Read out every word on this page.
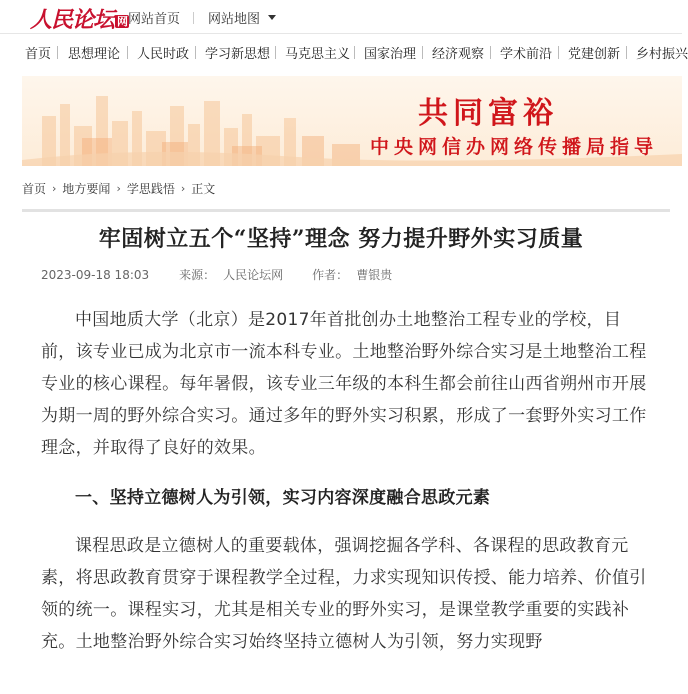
人民论坛 网 网站首页 网站地图
首页 思想理论 人民时政 学习新思想 马克思主义 国家治理 经济观察 学术前沿 党建创新 乡村振兴
共同富裕
中央网信办网络传播局指导
首页 › 地方要闻 › 学思践悟 › 正文
牢固树立五个“坚持”理念 努力提升野外实习质量
2023-09-18 18:03	来源： 人民论坛网 作者： 曹银贵

中国地质大学（北京）是2017年首批创办土地整治工程专业的学校，目前，该专业已成为北京市一流本科专业。土地整治野外综合实习是土地整治工程专业的核心课程。每年暑假，该专业三年级的本科生都会前往山西省朔州市开展为期一周的野外综合实习。通过多年的野外实习积累，形成了一套野外实习工作理念，并取得了良好的效果。

一、坚持立德树人为引领，实习内容深度融合思政元素

课程思政是立德树人的重要载体，强调挖掘各学科、各课程的思政教育元素，将思政教育贯穿于课程教学全过程，力求实现知识传授、能力培养、价值引领的统一。课程实习，尤其是相关专业的野外实习，是课堂教学重要的实践补充。土地整治野外综合实习始终坚持立德树人为引领，努力实现野
